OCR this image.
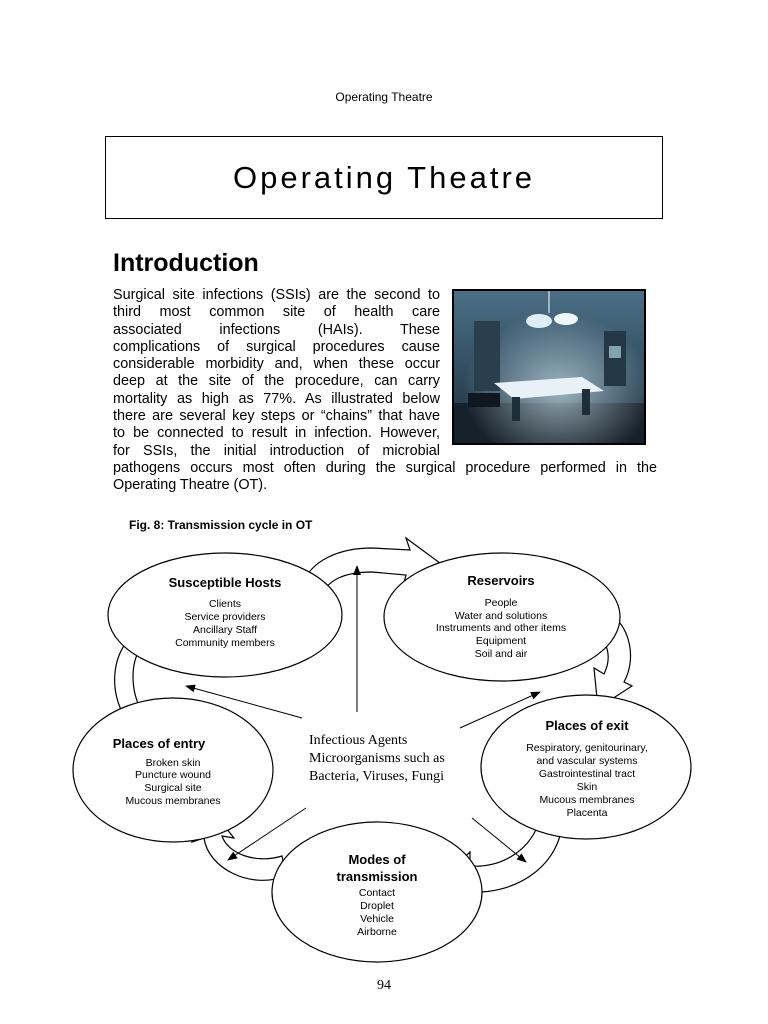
Operating Theatre
Operating Theatre
Introduction
Surgical site infections (SSIs) are the second to
third most common site of health care
associated infections (HAIs). These
complications of surgical procedures cause
considerable morbidity and, when these occur
deep at the site of the procedure, can carry
mortality as high as 77%. As illustrated below
there are several key steps or “chains” that have
to be connected to result in infection. However,
for SSIs, the initial introduction of microbial
pathogens occurs most often during the surgical procedure performed in the
Operating Theatre (OT).
Fig. 8: Transmission cycle in OT
Infectious Agents
Microorganisms such as
Bacteria, Viruses, Fungi
Susceptible Hosts
Clients
Service providers
Ancillary Staff
Community members
Reservoirs
People
Water and solutions
Instruments and other items
Equipment
Soil and air
Places of exit
Respiratory, genitourinary,
and vascular systems
Gastrointestinal tract
Skin
Mucous membranes
Placenta
Places of entry
Broken skin
Puncture wound
Surgical site
Mucous membranes
Modes of
transmission
Contact
Droplet
Vehicle
Airborne
94
